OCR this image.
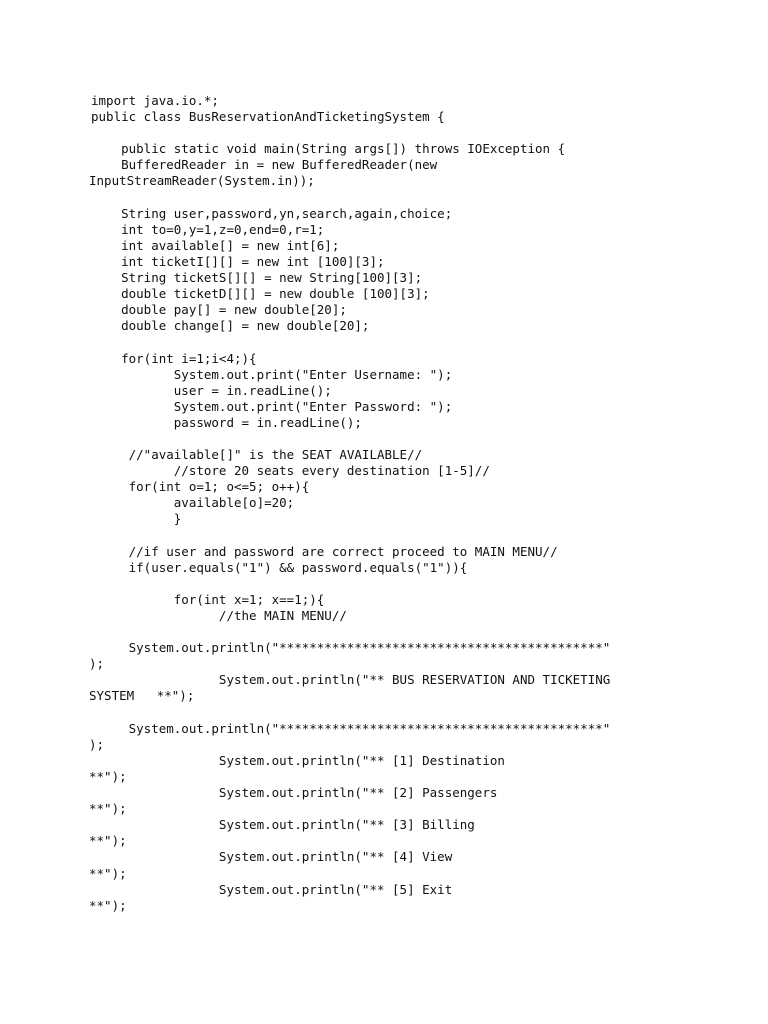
import java.io.*;
public class BusReservationAndTicketingSystem {
public static void main(String args[]) throws IOException {
BufferedReader in = new BufferedReader(new
InputStreamReader(System.in));
String user,password,yn,search,again,choice;
int to=0,y=1,z=0,end=0,r=1;
int available[] = new int[6];
int ticketI[][] = new int [100][3];
String ticketS[][] = new String[100][3];
double ticketD[][] = new double [100][3];
double pay[] = new double[20];
double change[] = new double[20];
for(int i=1;i<4;){
System.out.print("Enter Username: ");
user = in.readLine();
System.out.print("Enter Password: ");
password = in.readLine();
//"available[]" is the SEAT AVAILABLE//
//store 20 seats every destination [1-5]//
for(int o=1; o<=5; o++){
available[o]=20;
}
//if user and password are correct proceed to MAIN MENU//
if(user.equals("1") && password.equals("1")){
for(int x=1; x==1;){
//the MAIN MENU//
System.out.println("*******************************************"
);
System.out.println("** BUS RESERVATION AND TICKETING
SYSTEM   **");
System.out.println("*******************************************"
);
System.out.println("** [1] Destination
**");
System.out.println("** [2] Passengers
**");
System.out.println("** [3] Billing
**");
System.out.println("** [4] View
**");
System.out.println("** [5] Exit
**");
